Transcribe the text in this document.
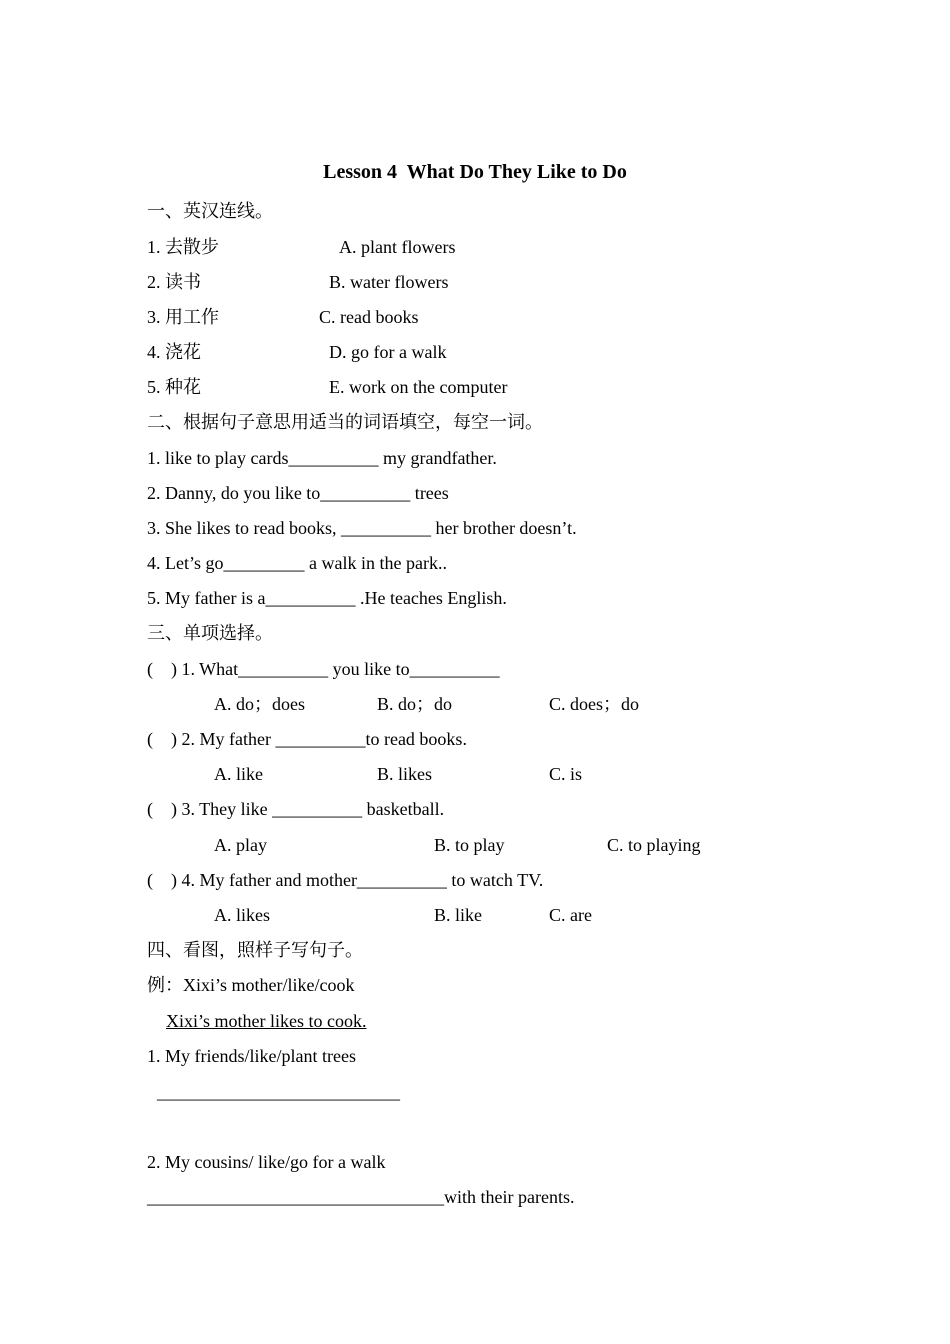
Lesson 4  What Do They Like to Do
一、英汉连线。
1. 去散步	A. plant flowers
2. 读书	B. water flowers
3. 用工作	C. read books
4. 浇花	D. go for a walk
5. 种花	E. work on the computer
二、根据句子意思用适当的词语填空，每空一词。
1. like to play cards__________ my grandfather.
2. Danny, do you like to__________ trees
3. She likes to read books, __________ her brother doesn’t.
4. Let’s go_________ a walk in the park..
5. My father is a__________ .He teaches English.
三、单项选择。
(    ) 1. What__________ you like to__________
A. do；does	B. do；do	C. does；do
(    ) 2. My father __________to read books.
A. like	B. likes	C. is
(    ) 3. They like __________ basketball.
A. play	B. to play	C. to playing
(    ) 4. My father and mother__________ to watch TV.
A. likes	B. like	C. are
四、看图，照样子写句子。
例：Xixi’s mother/like/cook
Xixi’s mother likes to cook.
1. My friends/like/plant trees
___________________________
2. My cousins/ like/go for a walk
_________________________________with their parents.
